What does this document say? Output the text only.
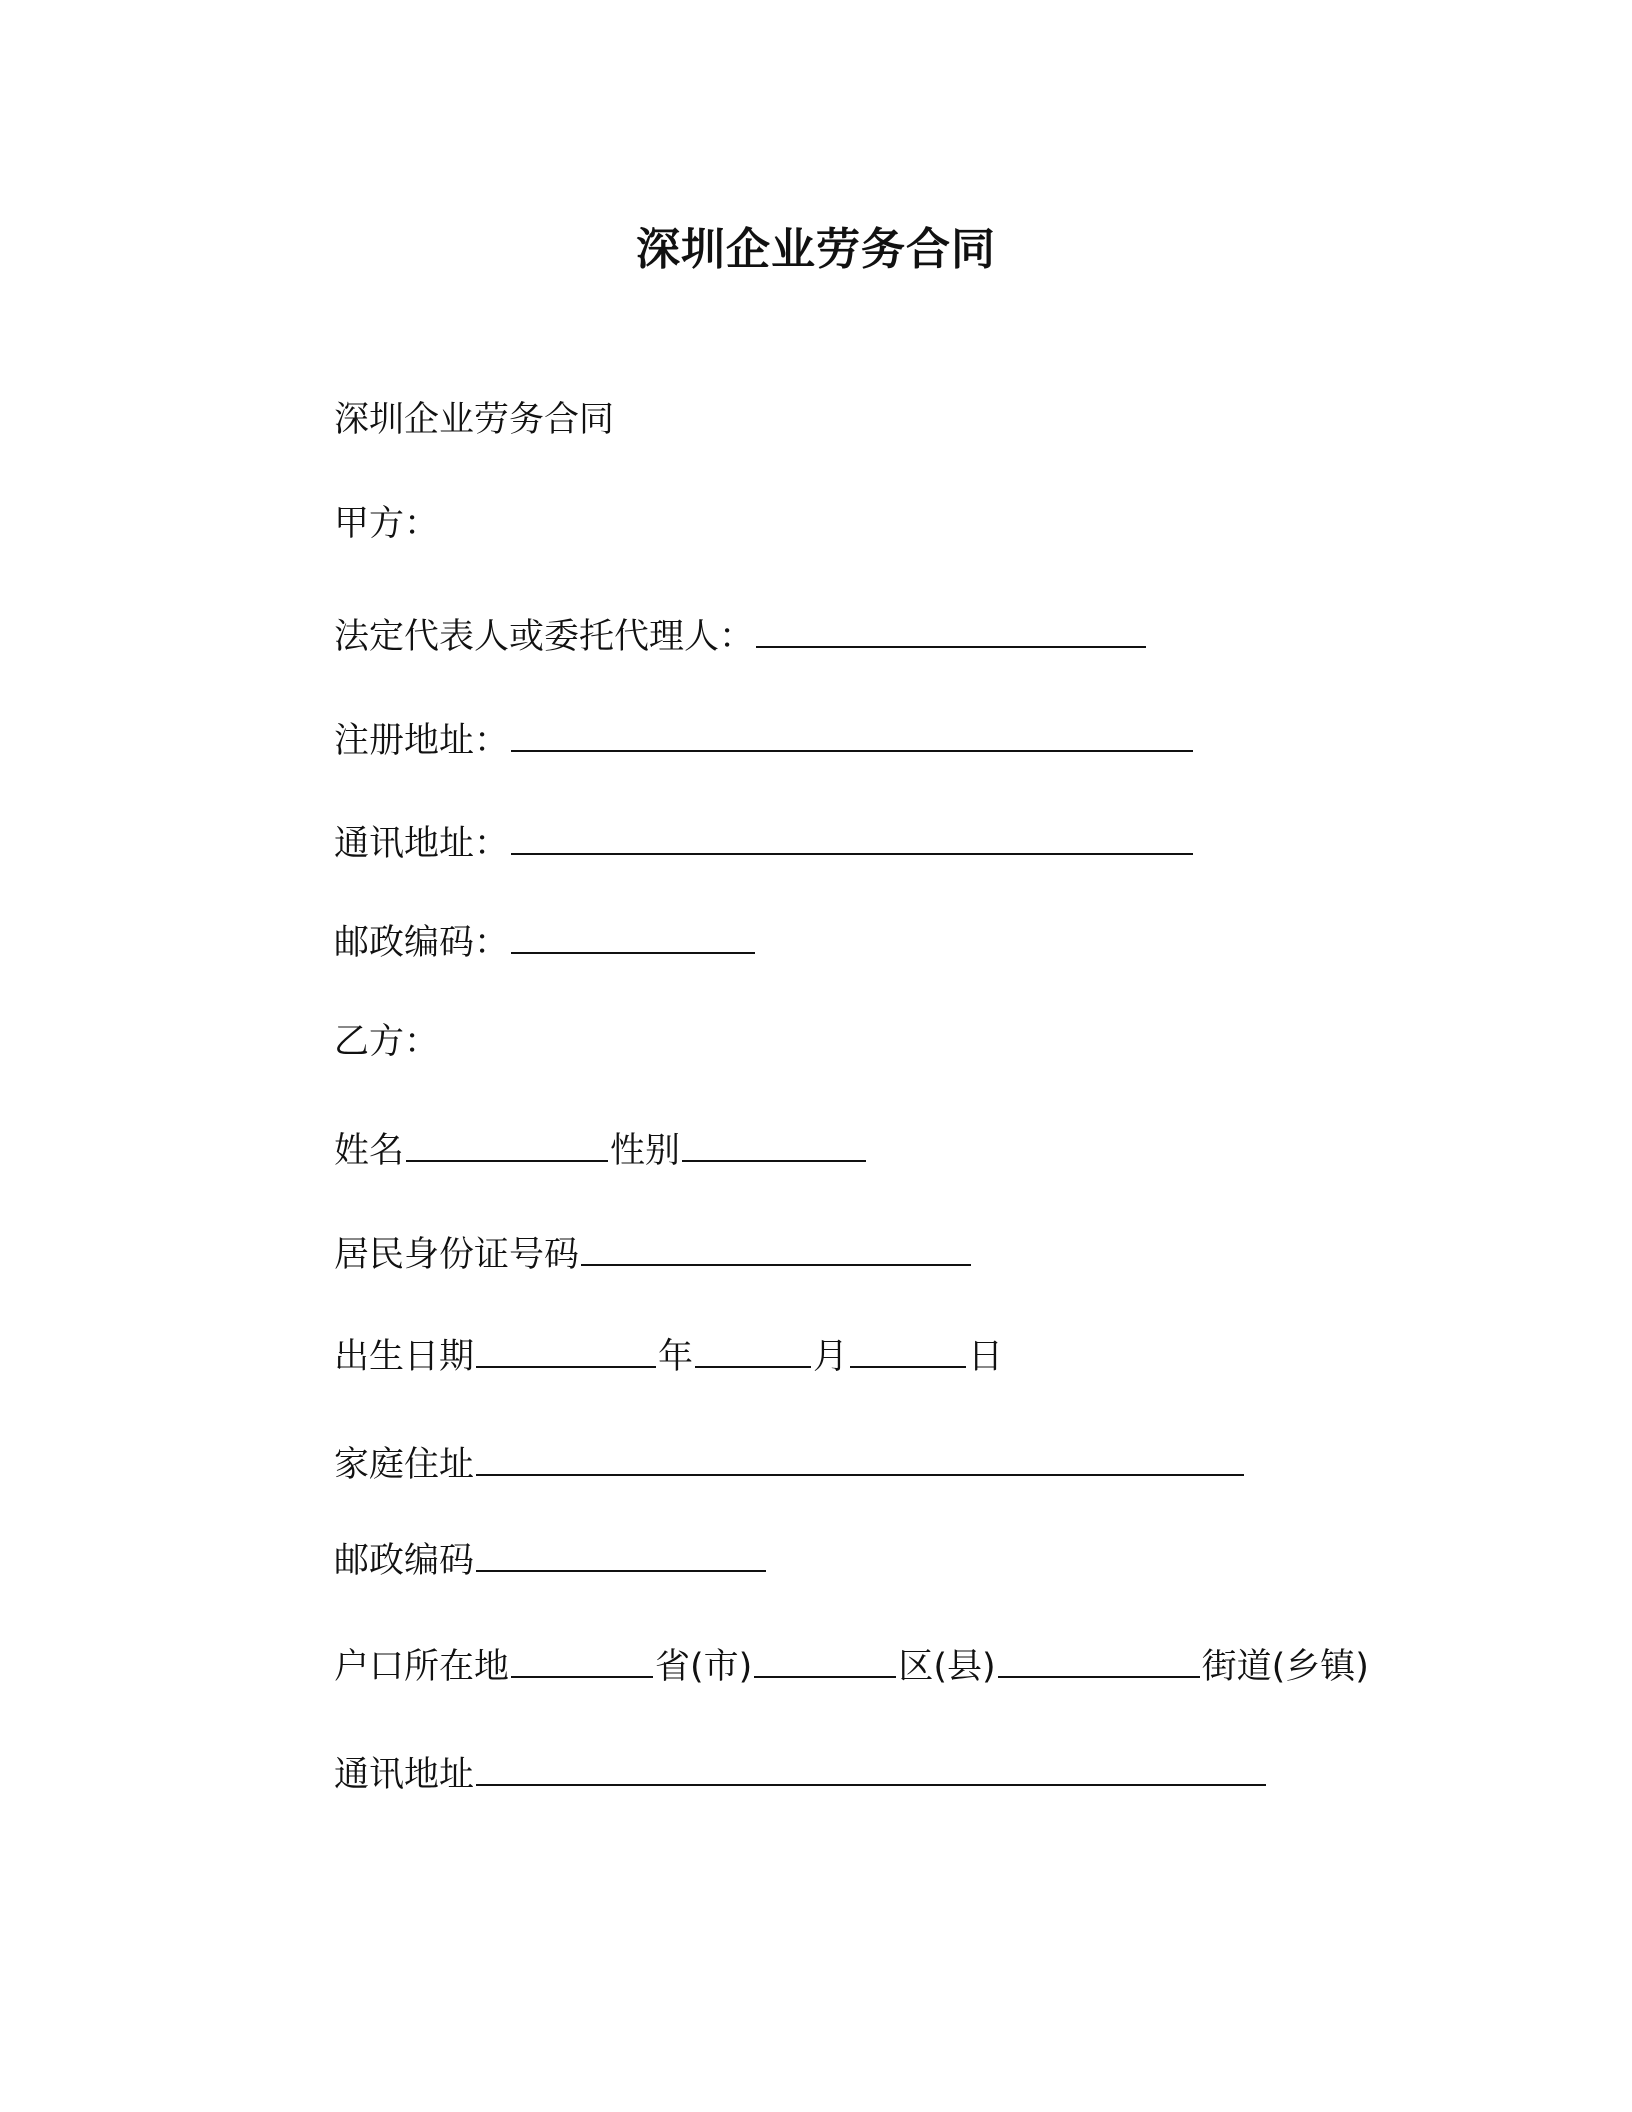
深圳企业劳务合同
深圳企业劳务合同
甲方：
法定代表人或委托代理人：
注册地址：
通讯地址：
邮政编码：
乙方：
姓名	性别
居民身份证号码
出生日期	年	月	日
家庭住址
邮政编码
户口所在地	省(市)	区(县)	街道(乡镇)
通讯地址
